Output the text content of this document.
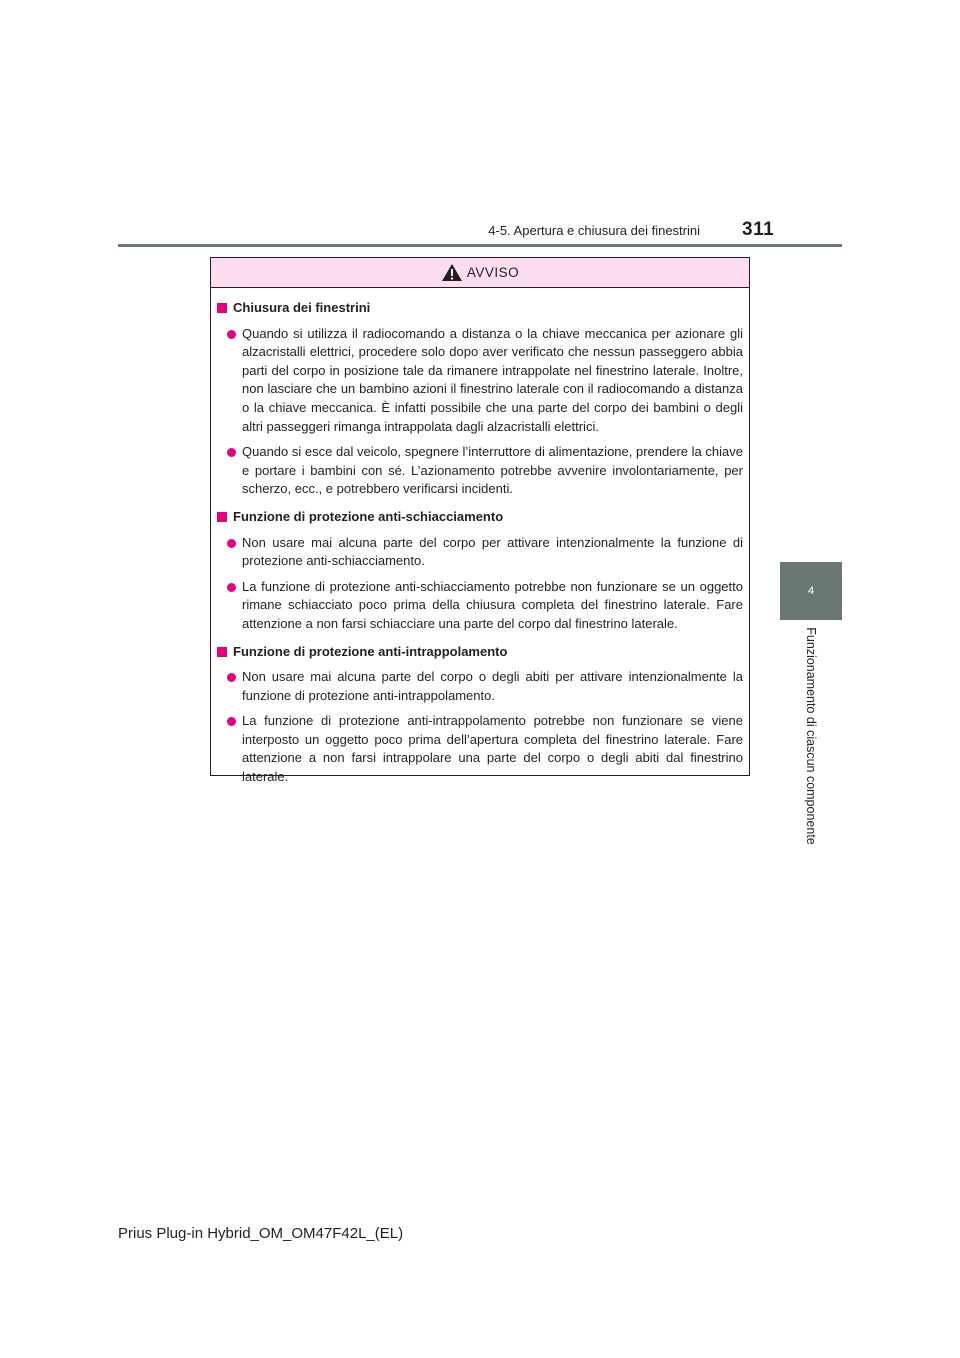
4-5. Apertura e chiusura dei finestrini 311
4
Funzionamento di ciascun componente
AVVISO
Chiusura dei finestrini
Quando si utilizza il radiocomando a distanza o la chiave meccanica per azionare gli alzacristalli elettrici, procedere solo dopo aver verificato che nessun passeggero abbia parti del corpo in posizione tale da rimanere intrappolate nel finestrino laterale. Inoltre, non lasciare che un bambino azioni il finestrino laterale con il radiocomando a distanza o la chiave meccanica. È infatti possibile che una parte del corpo dei bambini o degli altri passeggeri rimanga intrappolata dagli alzacristalli elettrici.
Quando si esce dal veicolo, spegnere l’interruttore di alimentazione, prendere la chiave e portare i bambini con sé. L’azionamento potrebbe avvenire involontariamente, per scherzo, ecc., e potrebbero verificarsi incidenti.
Funzione di protezione anti-schiacciamento
Non usare mai alcuna parte del corpo per attivare intenzionalmente la funzione di protezione anti-schiacciamento.
La funzione di protezione anti-schiacciamento potrebbe non funzionare se un oggetto rimane schiacciato poco prima della chiusura completa del finestrino laterale. Fare attenzione a non farsi schiacciare una parte del corpo dal finestrino laterale.
Funzione di protezione anti-intrappolamento
Non usare mai alcuna parte del corpo o degli abiti per attivare intenzionalmente la funzione di protezione anti-intrappolamento.
La funzione di protezione anti-intrappolamento potrebbe non funzionare se viene interposto un oggetto poco prima dell’apertura completa del finestrino laterale. Fare attenzione a non farsi intrappolare una parte del corpo o degli abiti dal finestrino laterale.
Prius Plug-in Hybrid_OM_OM47F42L_(EL)
